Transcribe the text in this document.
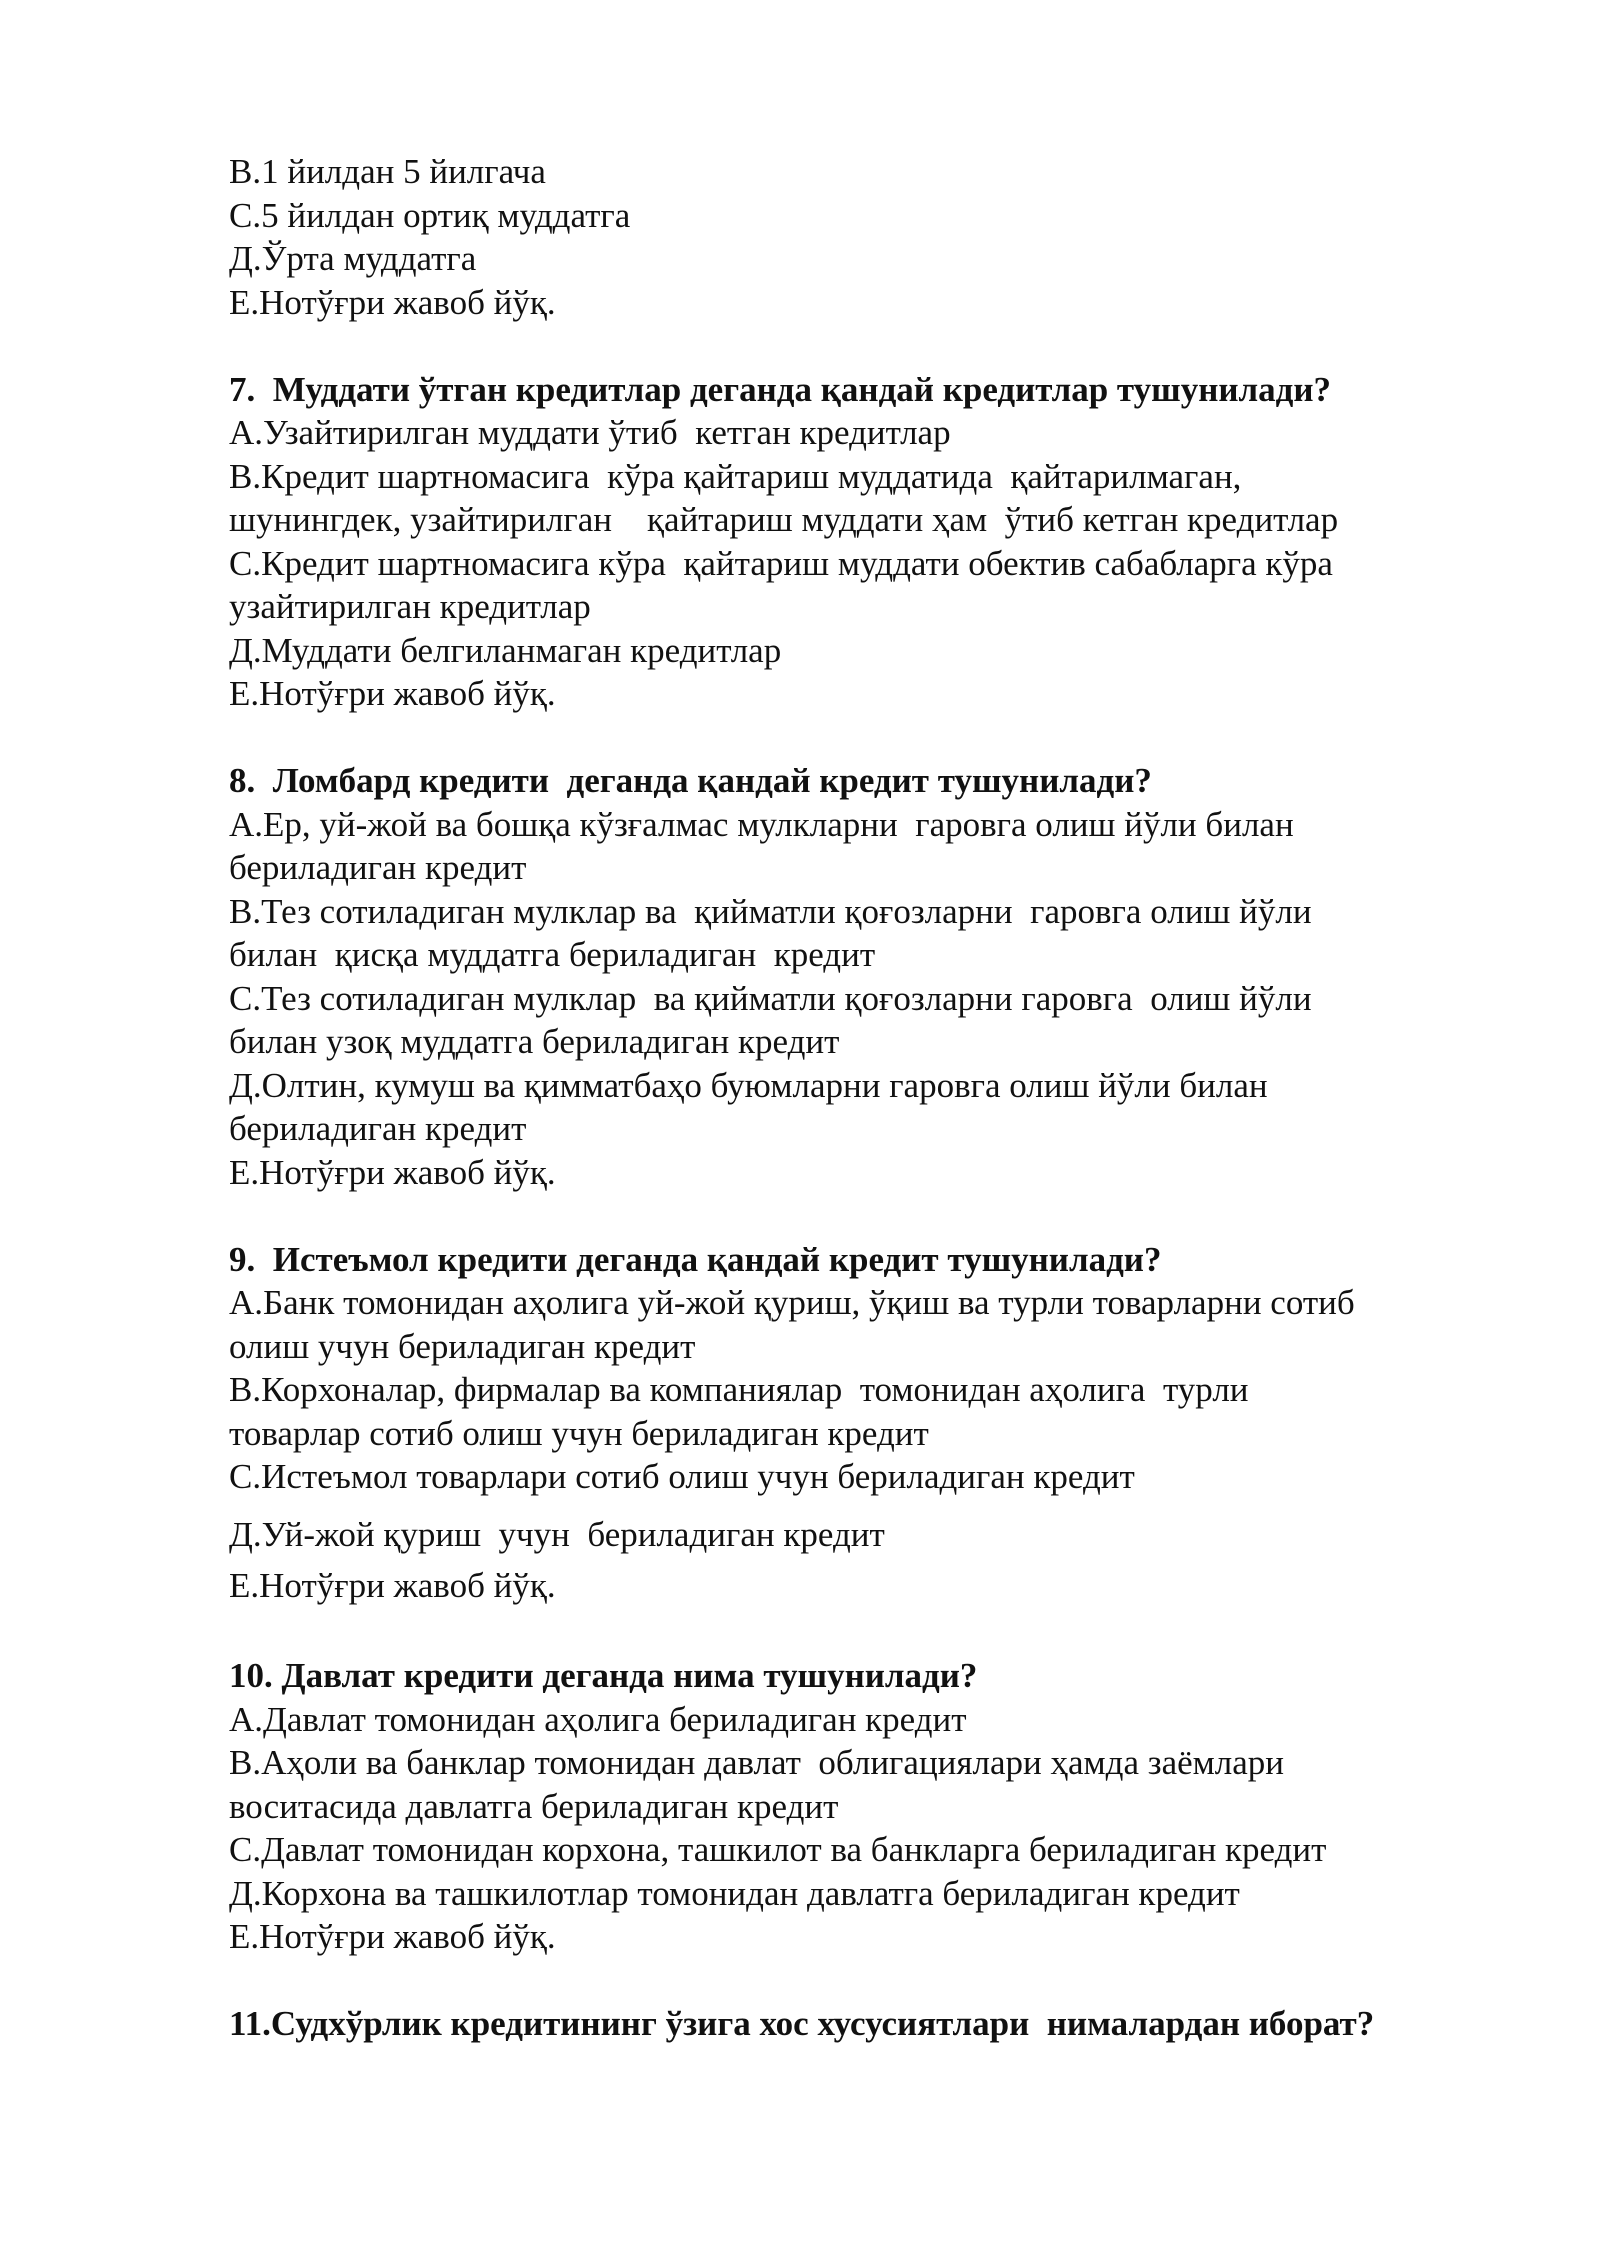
В.1 йилдан 5 йилгача
С.5 йилдан ортиқ муддатга
Д.Ўрта муддатга
Е.Нотўғри жавоб йўқ.
7.  Муддати ўтган кредитлар деганда қандай кредитлар тушунилади?
А.Узайтирилган муддати ўтиб  кетган кредитлар
В.Кредит шартномасига  кўра қайтариш муддатида  қайтарилмаган,
шунингдек, узайтирилган    қайтариш муддати ҳам  ўтиб кетган кредитлар
С.Кредит шартномасига кўра  қайтариш муддати обектив сабабларга кўра
узайтирилган кредитлар
Д.Муддати белгиланмаган кредитлар
Е.Нотўғри жавоб йўқ.
8.  Ломбард кредити  деганда қандай кредит тушунилади?
А.Ер, уй-жой ва бошқа кўзғалмас мулкларни  гаровга олиш йўли билан
бериладиган кредит
В.Тез сотиладиган мулклар ва  қийматли қоғозларни  гаровга олиш йўли
билан  қисқа муддатга бериладиган  кредит
С.Тез сотиладиган мулклар  ва қийматли қоғозларни гаровга  олиш йўли
билан узоқ муддатга бериладиган кредит
Д.Олтин, кумуш ва қимматбаҳо буюмларни гаровга олиш йўли билан
бериладиган кредит
Е.Нотўғри жавоб йўқ.
9.  Истеъмол кредити деганда қандай кредит тушунилади?
А.Банк томонидан аҳолига уй-жой қуриш, ўқиш ва турли товарларни сотиб
олиш учун бериладиган кредит
В.Корхоналар, фирмалар ва компаниялар  томонидан аҳолига  турли
товарлар сотиб олиш учун бериладиган кредит
С.Истеъмол товарлари сотиб олиш учун бериладиган кредит
Д.Уй-жой қуриш  учун  бериладиган кредит
Е.Нотўғри жавоб йўқ.
10. Давлат кредити деганда нима тушунилади?
А.Давлат томонидан аҳолига бериладиган кредит
В.Аҳоли ва банклар томонидан давлат  облигациялари ҳамда заёмлари
воситасида давлатга бериладиган кредит
С.Давлат томонидан корхона, ташкилот ва банкларга бериладиган кредит
Д.Корхона ва ташкилотлар томонидан давлатга бериладиган кредит
Е.Нотўғри жавоб йўқ.
11.Судхўрлик кредитининг ўзига хос хусусиятлари  нималардан иборат?
